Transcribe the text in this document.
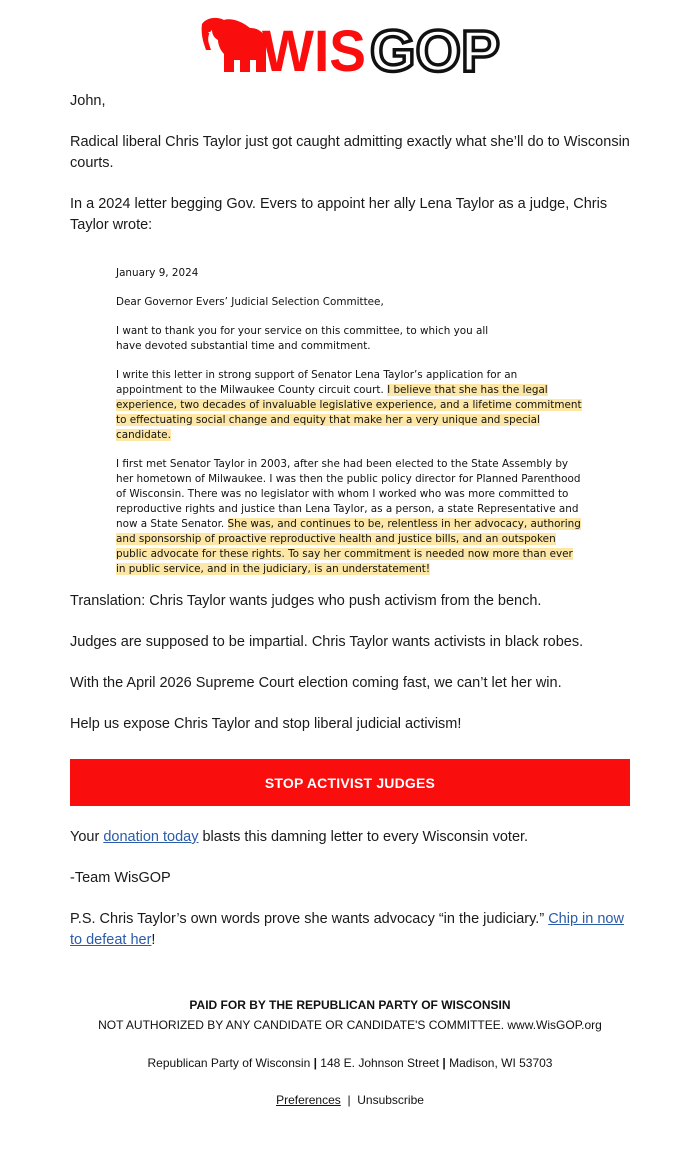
WIS GOP

John,

Radical liberal Chris Taylor just got caught admitting exactly what she’ll do to Wisconsin courts.

In a 2024 letter begging Gov. Evers to appoint her ally Lena Taylor as a judge, Chris Taylor wrote:

Translation: Chris Taylor wants judges who push activism from the bench.

Judges are supposed to be impartial. Chris Taylor wants activists in black robes.

With the April 2026 Supreme Court election coming fast, we can’t let her win.

Help us expose Chris Taylor and stop liberal judicial activism!

Your donation today blasts this damning letter to every Wisconsin voter.

-Team WisGOP

P.S. Chris Taylor’s own words prove she wants advocacy “in the judiciary.” Chip in now to defeat her!

January 9, 2024

Dear Governor Evers’ Judicial Selection Committee,

I want to thank you for your service on this committee, to which you all have devoted substantial time and commitment.

I write this letter in strong support of Senator Lena Taylor’s application for an appointment to the Milwaukee County circuit court. I believe that she has the legal experience, two decades of invaluable legislative experience, and a lifetime commitment to effectuating social change and equity that make her a very unique and special candidate.

I first met Senator Taylor in 2003, after she had been elected to the State Assembly by her hometown of Milwaukee. I was then the public policy director for Planned Parenthood of Wisconsin. There was no legislator with whom I worked who was more committed to reproductive rights and justice than Lena Taylor, as a person, a state Representative and now a State Senator. She was, and continues to be, relentless in her advocacy, authoring and sponsorship of proactive reproductive health and justice bills, and an outspoken public advocate for these rights. To say her commitment is needed now more than ever in public service, and in the judiciary, is an understatement!

STOP ACTIVIST JUDGES
PAID FOR BY THE REPUBLICAN PARTY OF WISCONSIN
NOT AUTHORIZED BY ANY CANDIDATE OR CANDIDATE'S COMMITTEE. www.WisGOP.org
Republican Party of Wisconsin | 148 E. Johnson Street | Madison, WI 53703
Preferences | Unsubscribe
